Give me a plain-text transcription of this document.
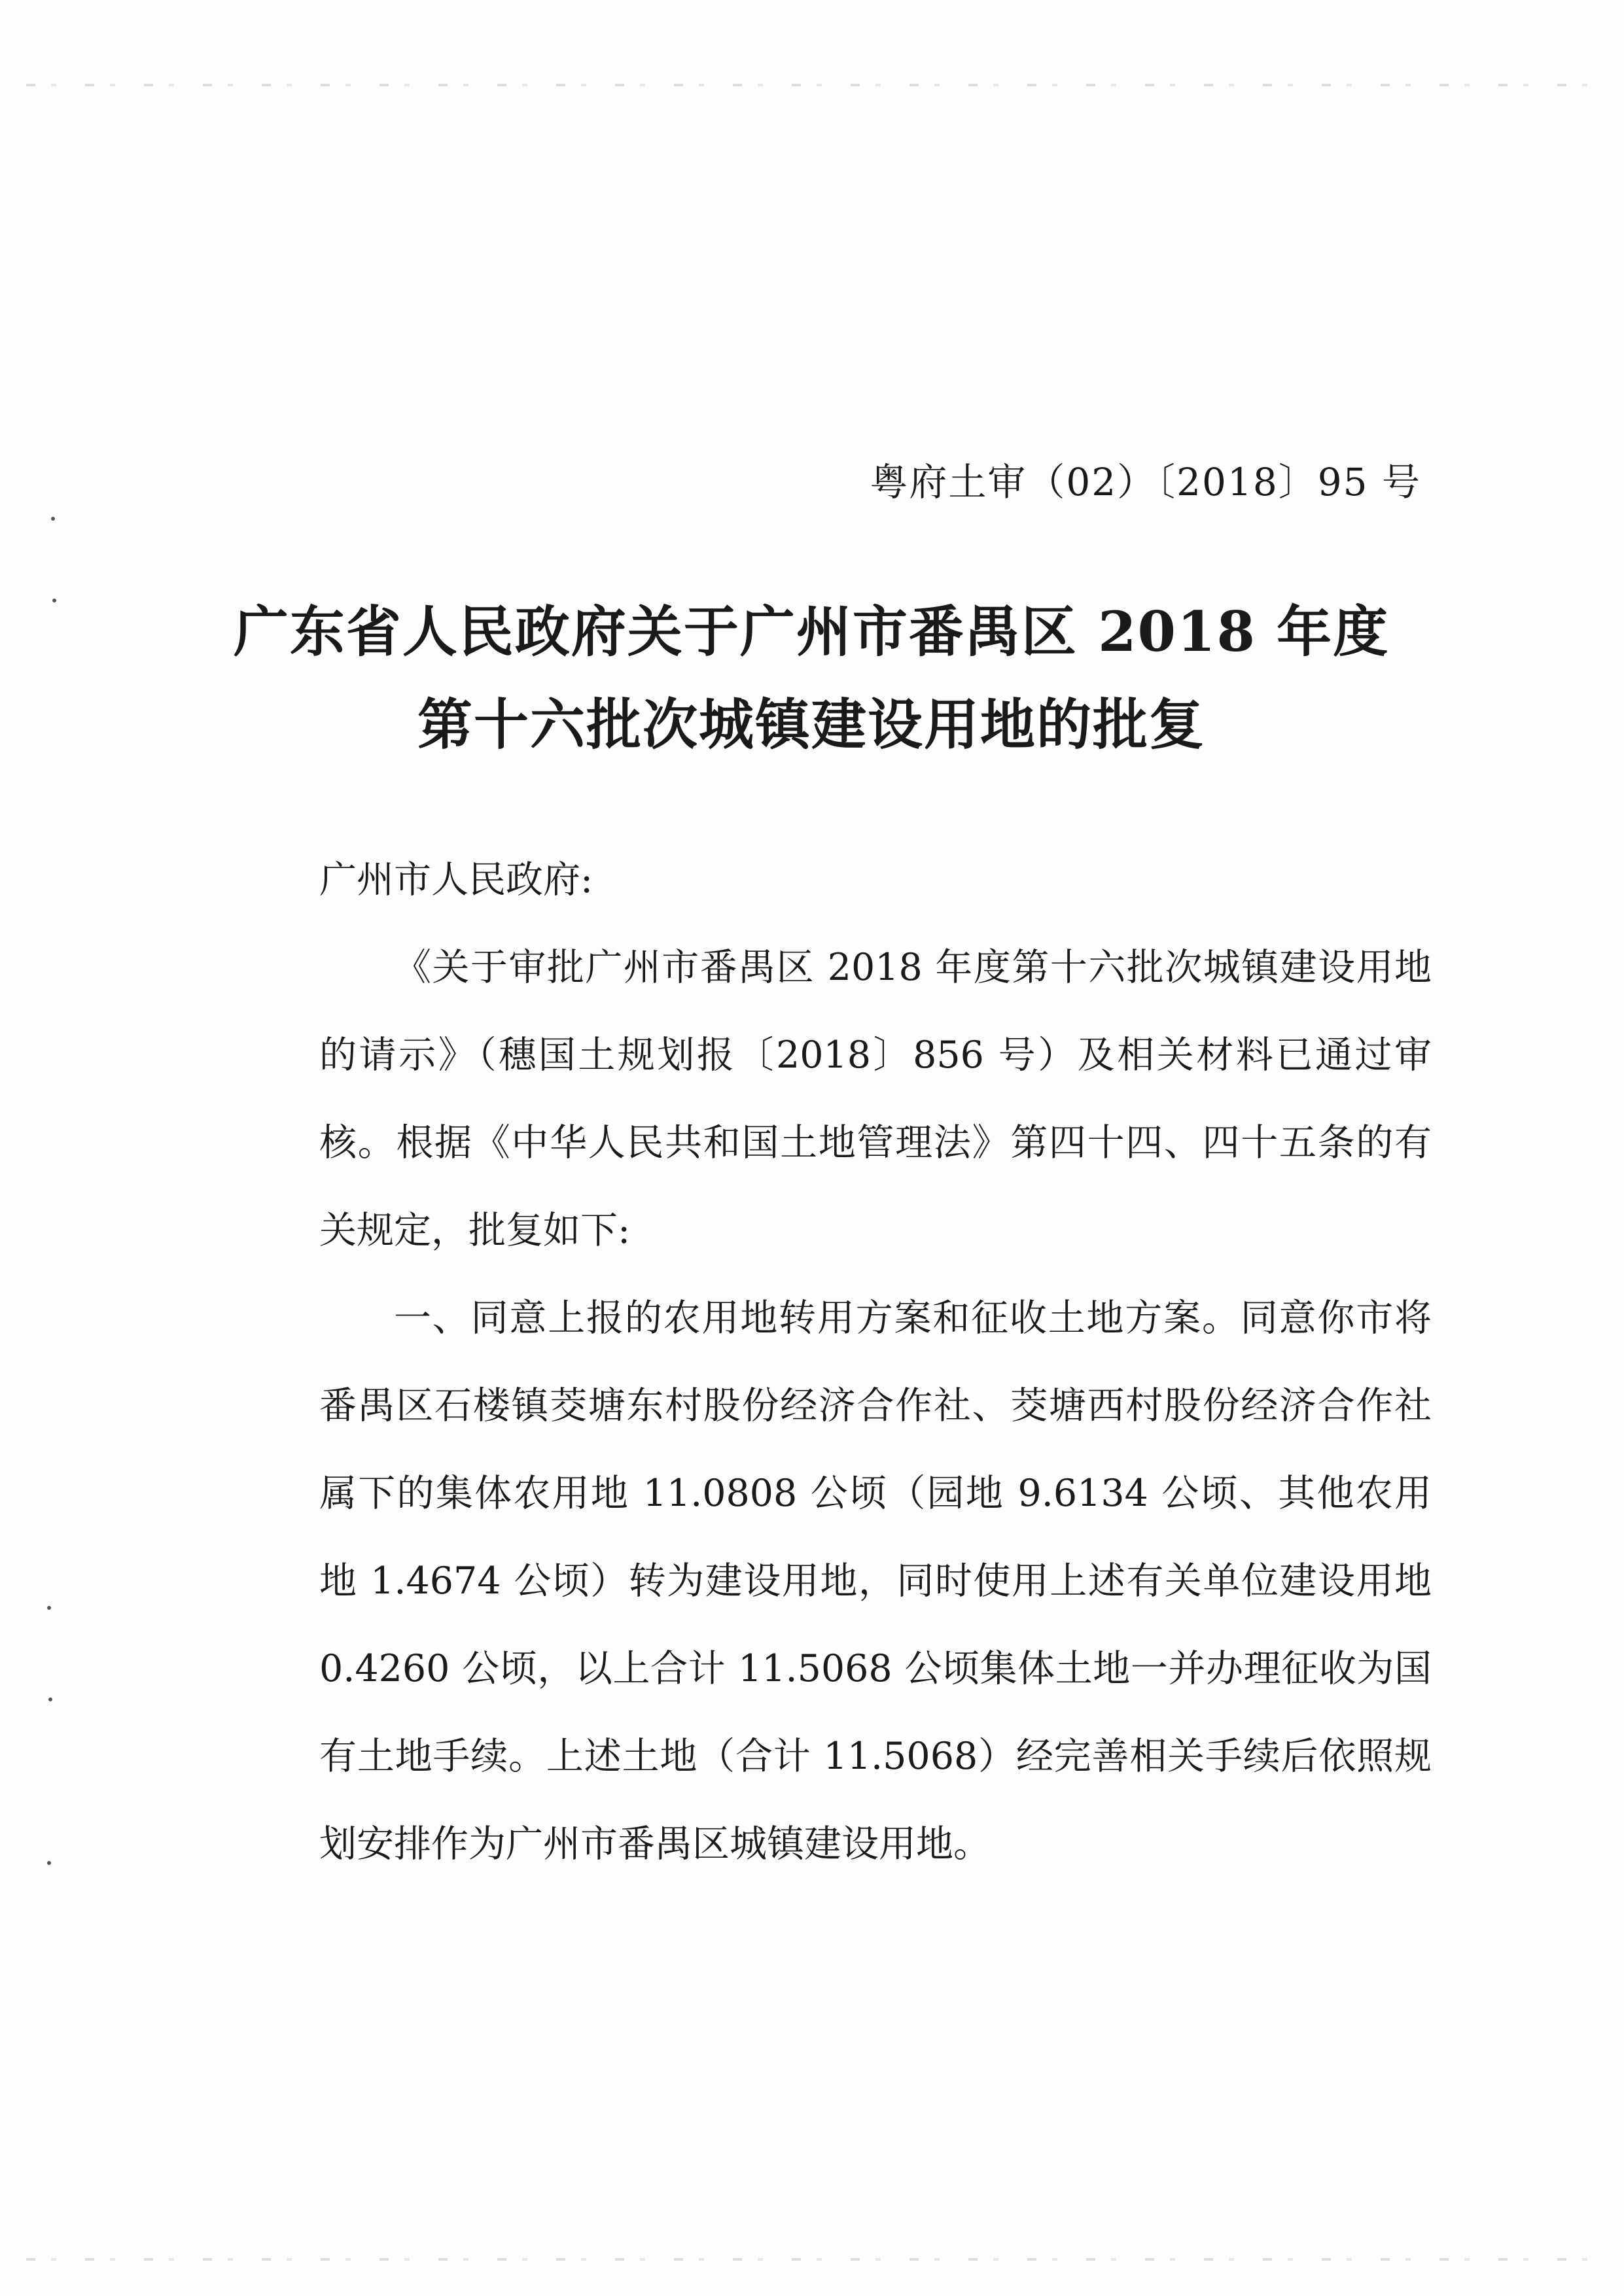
粤府土审（02）〔2018〕95 号
广东省人民政府关于广州市番禺区 2018 年度
第十六批次城镇建设用地的批复

广州市人民政府:

《关于审批广州市番禺区 2018 年度第十六批次城镇建设用地的请示》（穗国土规划报〔2018〕856 号）及相关材料已通过审核。根据《中华人民共和国土地管理法》第四十四、四十五条的有关规定，批复如下:

一、同意上报的农用地转用方案和征收土地方案。同意你市将番禺区石楼镇茭塘东村股份经济合作社、茭塘西村股份经济合作社属下的集体农用地 11.0808 公顷（园地 9.6134 公顷、其他农用地 1.4674 公顷）转为建设用地，同时使用上述有关单位建设用地 0.4260 公顷，以上合计 11.5068 公顷集体土地一并办理征收为国有土地手续。上述土地（合计 11.5068）经完善相关手续后依照规划安排作为广州市番禺区城镇建设用地。
